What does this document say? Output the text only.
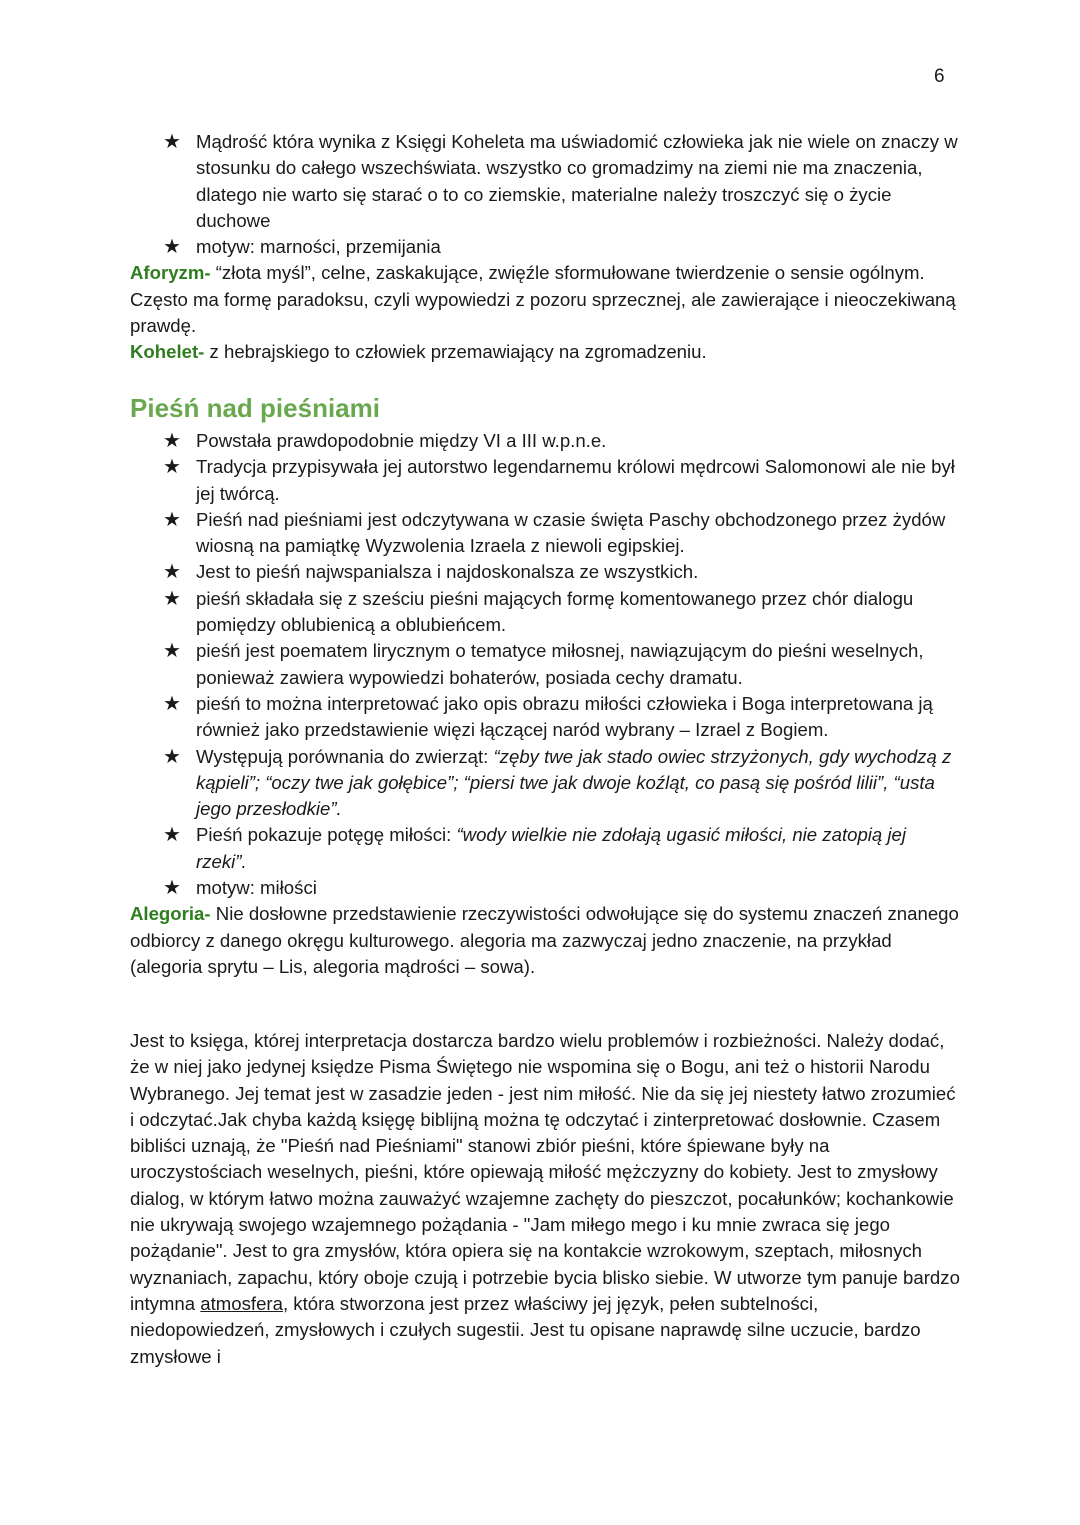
6
★ Mądrość która wynika z Księgi Koheleta ma uświadomić człowieka jak nie wiele on znaczy w stosunku do całego wszechświata. wszystko co gromadzimy na ziemi nie ma znaczenia, dlatego nie warto się starać o to co ziemskie, materialne należy troszczyć się o życie duchowe
★ motyw: marności, przemijania

Aforyzm- “złota myśl”, celne, zaskakujące, zwięźle sformułowane twierdzenie o sensie ogólnym. Często ma formę paradoksu, czyli wypowiedzi z pozoru sprzecznej, ale zawierające i nieoczekiwaną prawdę.

Kohelet- z hebrajskiego to człowiek przemawiający na zgromadzeniu.

Pieśń nad pieśniami
★ Powstała prawdopodobnie między VI a III w.p.n.e.
★ Tradycja przypisywała jej autorstwo legendarnemu królowi mędrcowi Salomonowi ale nie był jej twórcą.
★ Pieśń nad pieśniami jest odczytywana w czasie święta Paschy obchodzonego przez żydów wiosną na pamiątkę Wyzwolenia Izraela z niewoli egipskiej.
★ Jest to pieśń najwspanialsza i najdoskonalsza ze wszystkich.
★ pieśń składała się z sześciu pieśni mających formę komentowanego przez chór dialogu pomiędzy oblubienicą a oblubieńcem.
★ pieśń jest poematem lirycznym o tematyce miłosnej, nawiązującym do pieśni weselnych, ponieważ zawiera wypowiedzi bohaterów, posiada cechy dramatu.
★ pieśń to można interpretować jako opis obrazu miłości człowieka i Boga interpretowana ją również jako przedstawienie więzi łączącej naród wybrany – Izrael z Bogiem.
★ Występują porównania do zwierząt: “zęby twe jak stado owiec strzyżonych, gdy wychodzą z kąpieli”; “oczy twe jak gołębice”; “piersi twe jak dwoje koźląt, co pasą się pośród lilii”, “usta jego przesłodkie”.
★ Pieśń pokazuje potęgę miłości: “wody wielkie nie zdołają ugasić miłości, nie zatopią jej rzeki”.
★ motyw: miłości

Alegoria- Nie dosłowne przedstawienie rzeczywistości odwołujące się do systemu znaczeń znanego odbiorcy z danego okręgu kulturowego. alegoria ma zazwyczaj jedno znaczenie, na przykład (alegoria sprytu – Lis, alegoria mądrości – sowa).

Jest to księga, której interpretacja dostarcza bardzo wielu problemów i rozbieżności. Należy dodać, że w niej jako jedynej księdze Pisma Świętego nie wspomina się o Bogu, ani też o historii Narodu Wybranego. Jej temat jest w zasadzie jeden - jest nim miłość. Nie da się jej niestety łatwo zrozumieć i odczytać.Jak chyba każdą księgę biblijną można tę odczytać i zinterpretować dosłownie. Czasem bibliści uznają, że "Pieśń nad Pieśniami" stanowi zbiór pieśni, które śpiewane były na uroczystościach weselnych, pieśni, które opiewają miłość mężczyzny do kobiety. Jest to zmysłowy dialog, w którym łatwo można zauważyć wzajemne zachęty do pieszczot, pocałunków; kochankowie nie ukrywają swojego wzajemnego pożądania - "Jam miłego mego i ku mnie zwraca się jego pożądanie". Jest to gra zmysłów, która opiera się na kontakcie wzrokowym, szeptach, miłosnych wyznaniach, zapachu, który oboje czują i potrzebie bycia blisko siebie. W utworze tym panuje bardzo intymna atmosfera, która stworzona jest przez właściwy jej język, pełen subtelności, niedopowiedzeń, zmysłowych i czułych sugestii. Jest tu opisane naprawdę silne uczucie, bardzo zmysłowe i
